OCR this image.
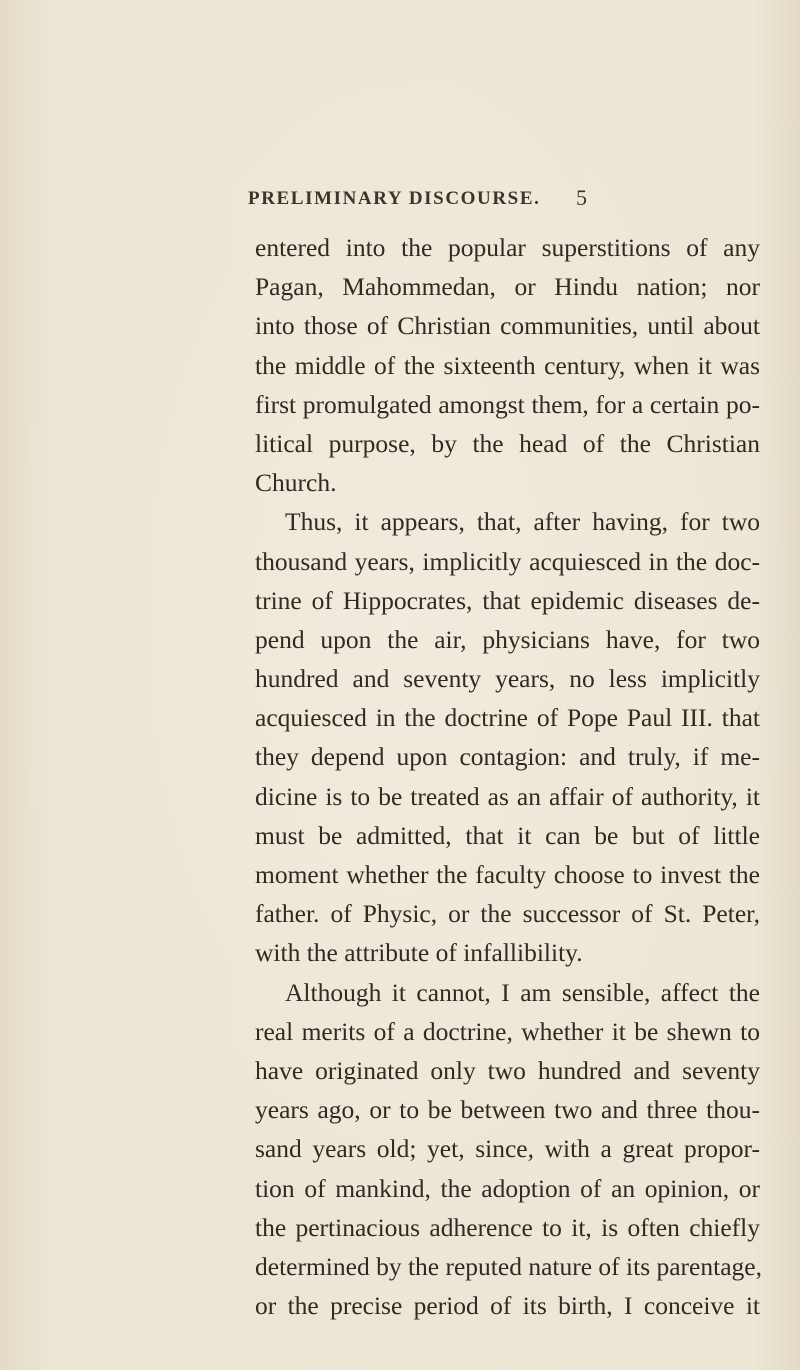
PRELIMINARY DISCOURSE. 5
entered into the popular superstitions of any
Pagan, Mahommedan, or Hindu nation; nor
into those of Christian communities, until about
the middle of the sixteenth century, when it was
first promulgated amongst them, for a certain po-
litical purpose, by the head of the Christian
Church.
Thus, it appears, that, after having, for two
thousand years, implicitly acquiesced in the doc-
trine of Hippocrates, that epidemic diseases de-
pend upon the air, physicians have, for two
hundred and seventy years, no less implicitly
acquiesced in the doctrine of Pope Paul III. that
they depend upon contagion: and truly, if me-
dicine is to be treated as an affair of authority, it
must be admitted, that it can be but of little
moment whether the faculty choose to invest the
father. of Physic, or the successor of St. Peter,
with the attribute of infallibility.
Although it cannot, I am sensible, affect the
real merits of a doctrine, whether it be shewn to
have originated only two hundred and seventy
years ago, or to be between two and three thou-
sand years old; yet, since, with a great propor-
tion of mankind, the adoption of an opinion, or
the pertinacious adherence to it, is often chiefly
determined by the reputed nature of its parentage,
or the precise period of its birth, I conceive it
